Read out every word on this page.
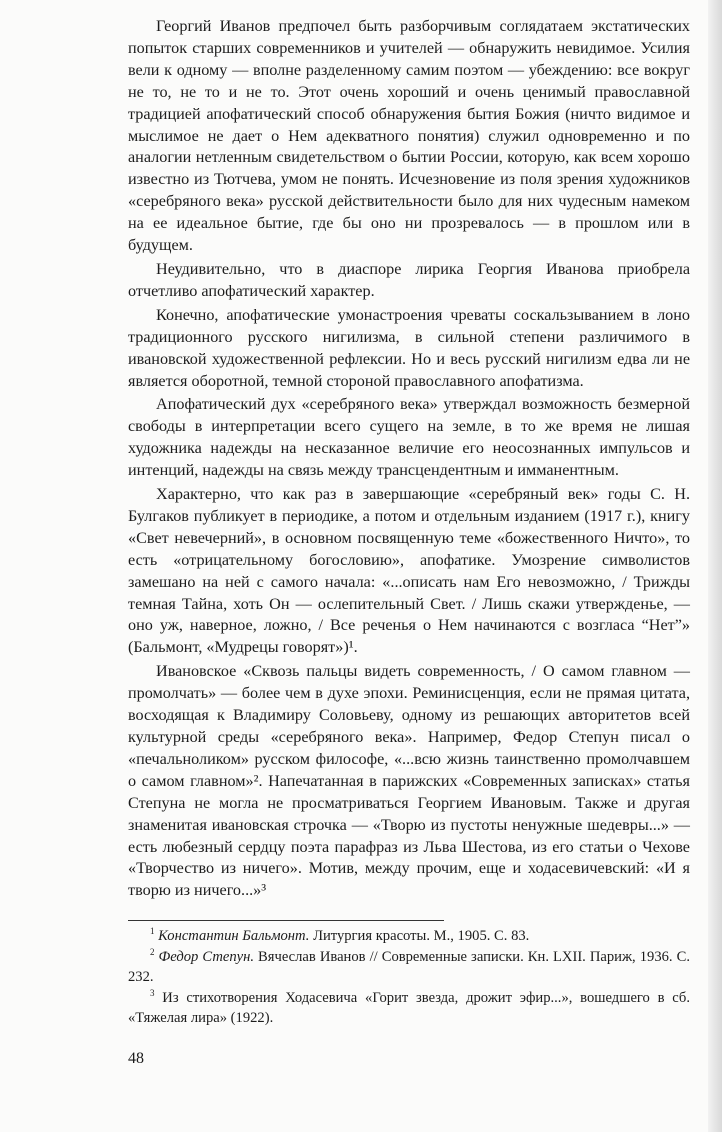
Георгий Иванов предпочел быть разборчивым соглядатаем экстатических попыток старших современников и учителей — обнаружить невидимое. Усилия вели к одному — вполне разделенному самим поэтом — убеждению: все вокруг не то, не то и не то. Этот очень хороший и очень ценимый православной традицией апофатический способ обнаружения бытия Божия (ничто видимое и мыслимое не дает о Нем адекватного понятия) служил одновременно и по аналогии нетленным свидетельством о бытии России, которую, как всем хорошо известно из Тютчева, умом не понять. Исчезновение из поля зрения художников «серебряного века» русской действительности было для них чудесным намеком на ее идеальное бытие, где бы оно ни прозревалось — в прошлом или в будущем.

Неудивительно, что в диаспоре лирика Георгия Иванова приобрела отчетливо апофатический характер.

Конечно, апофатические умонастроения чреваты соскальзыванием в лоно традиционного русского нигилизма, в сильной степени различимого в ивановской художественной рефлексии. Но и весь русский нигилизм едва ли не является оборотной, темной стороной православного апофатизма.

Апофатический дух «серебряного века» утверждал возможность безмерной свободы в интерпретации всего сущего на земле, в то же время не лишая художника надежды на несказанное величие его неосознанных импульсов и интенций, надежды на связь между трансцендентным и имманентным.

Характерно, что как раз в завершающие «серебряный век» годы С. Н. Булгаков публикует в периодике, а потом и отдельным изданием (1917 г.), книгу «Свет невечерний», в основном посвященную теме «божественного Ничто», то есть «отрицательному богословию», апофатике. Умозрение символистов замешано на ней с самого начала: «...описать нам Его невозможно, / Трижды темная Тайна, хоть Он — ослепительный Свет. / Лишь скажи утвержденье, — оно уж, наверное, ложно, / Все реченья о Нем начинаются с возгласа “Нет”» (Бальмонт, «Мудрецы говорят»)¹.

Ивановское «Сквозь пальцы видеть современность, / О самом главном — промолчать» — более чем в духе эпохи. Реминисценция, если не прямая цитата, восходящая к Владимиру Соловьеву, одному из решающих авторитетов всей культурной среды «серебряного века». Например, Федор Степун писал о «печальноликом» русском философе, «...всю жизнь таинственно промолчавшем о самом главном»². Напечатанная в парижских «Современных записках» статья Степуна не могла не просматриваться Георгием Ивановым. Также и другая знаменитая ивановская строчка — «Творю из пустоты ненужные шедевры...» — есть любезный сердцу поэта парафраз из Льва Шестова, из его статьи о Чехове «Творчество из ничего». Мотив, между прочим, еще и ходасевичевский: «И я творю из ничего...»³

$^1$ Константин Бальмонт. Литургия красоты. М., 1905. С. 83.

$^2$ Федор Степун. Вячеслав Иванов // Современные записки. Кн. LXII. Париж, 1936. С. 232.

$^3$ Из стихотворения Ходасевича «Горит звезда, дрожит эфир...», вошедшего в сб. «Тяжелая лира» (1922).

48
